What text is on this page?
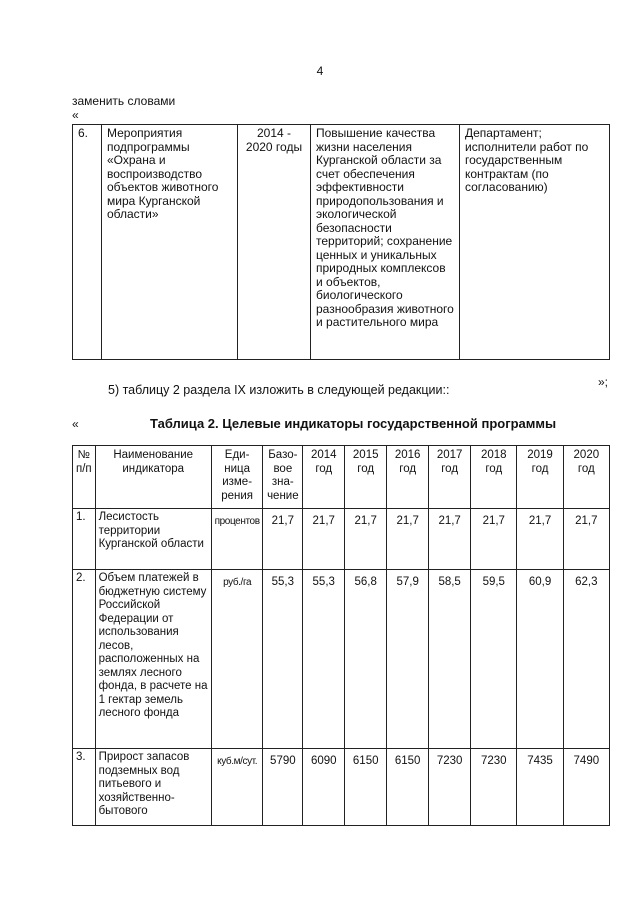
4
заменить словами
«
6.	Мероприятия подпрограммы «Охрана и воспроизводство объектов животного мира Курганской области»	2014 - 2020 годы	Повышение качества жизни населения Курганской области за счет обеспечения эффективности природопользования и экологической безопасности территорий; сохранение ценных и уникальных природных комплексов и объектов, биологического разнообразия животного и растительного мира	Департамент; исполнители работ по государственным контрактам (по согласованию)
5) таблицу 2 раздела IX изложить в следующей редакции::
»;
«	Таблица 2. Целевые индикаторы государственной программы
№ п/п	Наименование индикатора	Еди-ница изме-рения	Базо-вое зна-чение	2014 год	2015 год	2016 год	2017 год	2018 год	2019 год	2020 год
1.	Лесистость территории Курганской области	процентов	21,7	21,7	21,7	21,7	21,7	21,7	21,7	21,7
2.	Объем платежей в бюджетную систему Российской Федерации от использования лесов, расположенных на землях лесного фонда, в расчете на 1 гектар земель лесного фонда	руб./га	55,3	55,3	56,8	57,9	58,5	59,5	60,9	62,3
3.	Прирост запасов подземных вод питьевого и хозяйственно-бытового	куб.м/сут.	5790	6090	6150	6150	7230	7230	7435	7490
